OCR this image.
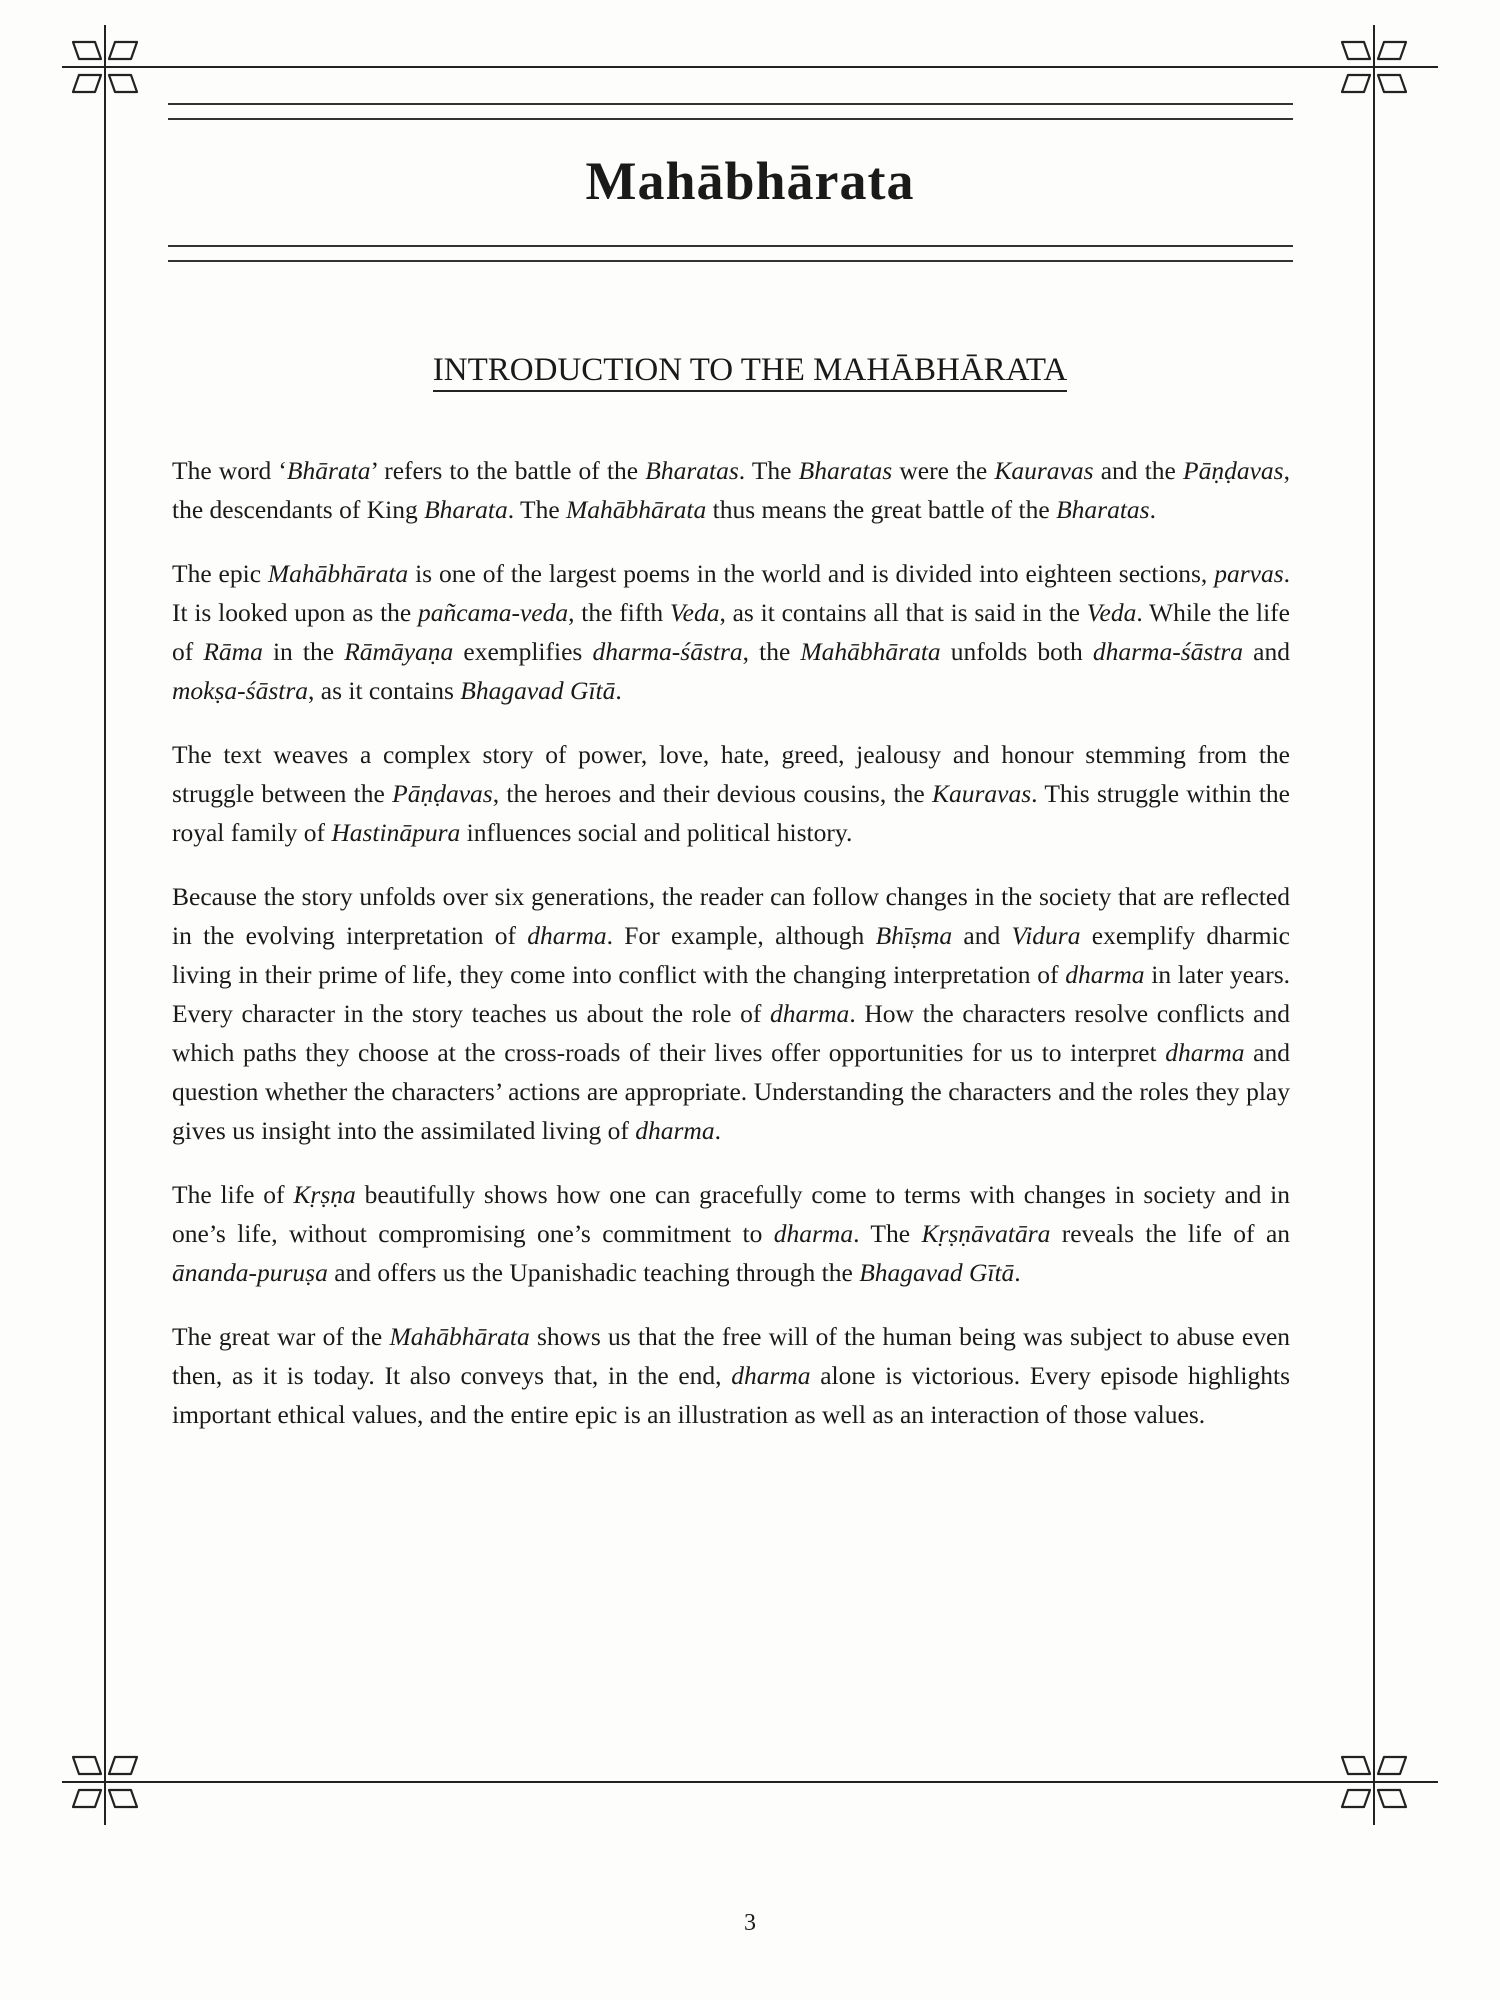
Mahābhārata
INTRODUCTION TO THE MAHĀBHĀRATA

The word ‘Bhārata’ refers to the battle of the Bharatas. The Bharatas were the Kauravas and the Pāṇḍavas, the descendants of King Bharata. The Mahābhārata thus means the great battle of the Bharatas.

The epic Mahābhārata is one of the largest poems in the world and is divided into eighteen sections, parvas. It is looked upon as the pañcama-veda, the fifth Veda, as it contains all that is said in the Veda. While the life of Rāma in the Rāmāyaṇa exemplifies dharma-śāstra, the Mahābhārata unfolds both dharma-śāstra and mokṣa-śāstra, as it contains Bhagavad Gītā.

The text weaves a complex story of power, love, hate, greed, jealousy and honour stemming from the struggle between the Pāṇḍavas, the heroes and their devious cousins, the Kauravas. This struggle within the royal family of Hastināpura influences social and political history.

Because the story unfolds over six generations, the reader can follow changes in the society that are reflected in the evolving interpretation of dharma. For example, although Bhīṣma and Vidura exemplify dharmic living in their prime of life, they come into conflict with the changing interpretation of dharma in later years. Every character in the story teaches us about the role of dharma. How the characters resolve conflicts and which paths they choose at the cross-roads of their lives offer opportunities for us to interpret dharma and question whether the characters’ actions are appropriate. Understanding the characters and the roles they play gives us insight into the assimilated living of dharma.

The life of Kṛṣṇa beautifully shows how one can gracefully come to terms with changes in society and in one’s life, without compromising one’s commitment to dharma. The Kṛṣṇāvatāra reveals the life of an ānanda-puruṣa and offers us the Upanishadic teaching through the Bhagavad Gītā.

The great war of the Mahābhārata shows us that the free will of the human being was subject to abuse even then, as it is today. It also conveys that, in the end, dharma alone is victorious. Every episode highlights important ethical values, and the entire epic is an illustration as well as an interaction of those values.

3
